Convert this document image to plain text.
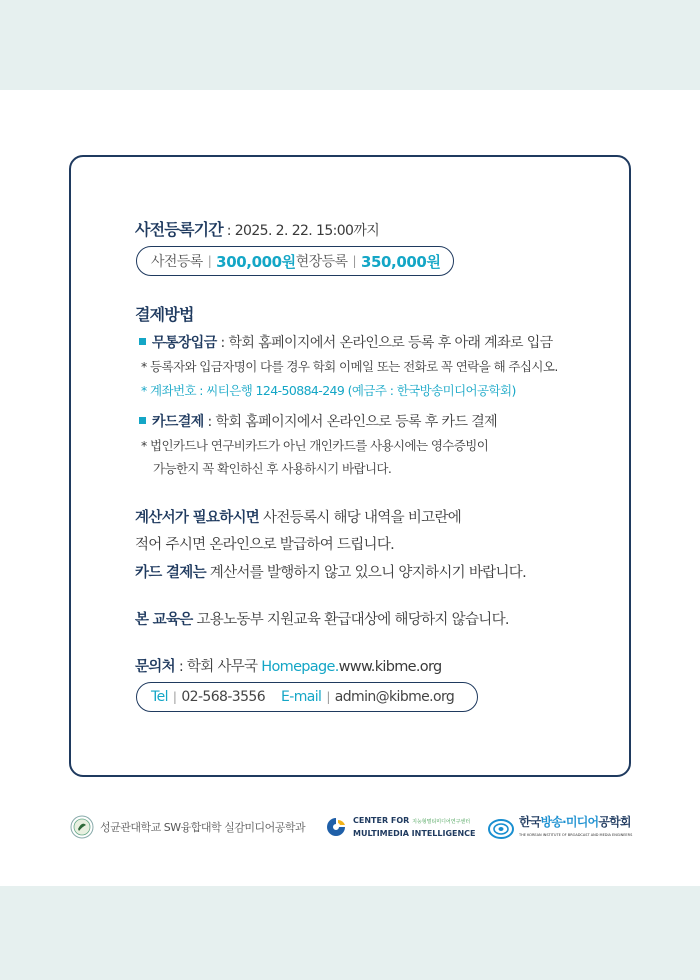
사전등록기간 : 2025. 2. 22. 15:00까지
사전등록 | 300,000원 현장등록 | 350,000원
결제방법
무통장입금 : 학회 홈페이지에서 온라인으로 등록 후 아래 계좌로 입금
* 등록자와 입금자명이 다를 경우 학회 이메일 또는 전화로 꼭 연락을 해 주십시오.
* 계좌번호 : 씨티은행 124-50884-249 (예금주 : 한국방송미디어공학회)
카드결제 : 학회 홈페이지에서 온라인으로 등록 후 카드 결제
* 법인카드나 연구비카드가 아닌 개인카드를 사용시에는 영수증빙이
가능한지 꼭 확인하신 후 사용하시기 바랍니다.
계산서가 필요하시면 사전등록시 해당 내역을 비고란에
적어 주시면 온라인으로 발급하여 드립니다.
카드 결제는 계산서를 발행하지 않고 있으니 양지하시기 바랍니다.
본 교육은 고용노동부 지원교육 환급대상에 해당하지 않습니다.
문의처 : 학회 사무국 Homepage.www.kibme.org
Tel | 02-568-3556 E-mail | admin@kibme.org
성균관대학교 SW융합대학 실감미디어공학과
CENTER FOR 지능형멀티미디어연구센터
MULTIMEDIA INTELLIGENCE
한국방송·미디어공학회
THE KOREAN INSTITUTE OF BROADCAST AND MEDIA ENGINEERS
